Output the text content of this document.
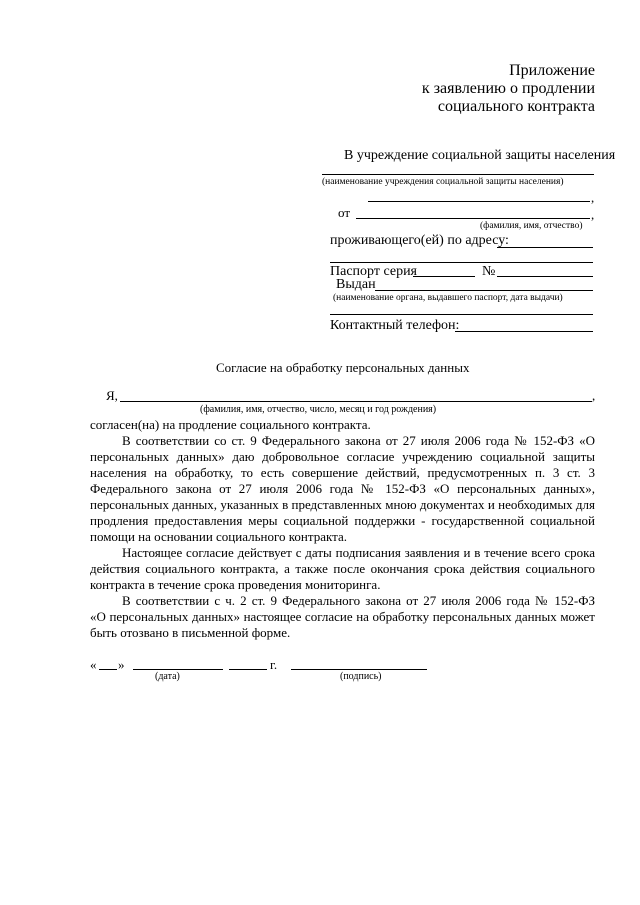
Приложение
к заявлению о продлении
социального контракта
В учреждение социальной защиты населения
(наименование учреждения социальной защиты населения)
,
от	,
(фамилия, имя, отчество)
проживающего(ей) по адресу:
Паспорт серия	№
Выдан
(наименование органа, выдавшего паспорт, дата выдачи)
Контактный телефон:
Согласие на обработку персональных данных
Я,	,
(фамилия, имя, отчество, число, месяц и год рождения)
согласен(на) на продление социального контракта.
В соответствии со ст. 9 Федерального закона от 27 июля 2006 года № 152-ФЗ «О
персональных данных» даю добровольное согласие учреждению социальной защиты
населения на обработку, то есть совершение действий, предусмотренных п. 3 ст. 3
Федерального закона от 27 июля 2006 года № 152-ФЗ «О персональных данных»,
персональных данных, указанных в представленных мною документах и необходимых для
продления предоставления меры социальной поддержки - государственной социальной
помощи на основании социального контракта.
Настоящее согласие действует с даты подписания заявления и в течение всего срока
действия социального контракта, а также после окончания срока действия социального
контракта в течение срока проведения мониторинга.
В соответствии с ч. 2 ст. 9 Федерального закона от 27 июля 2006 года № 152-ФЗ
«О персональных данных» настоящее согласие на обработку персональных данных может
быть отозвано в письменной форме.
« »	г.
(дата)	(подпись)
